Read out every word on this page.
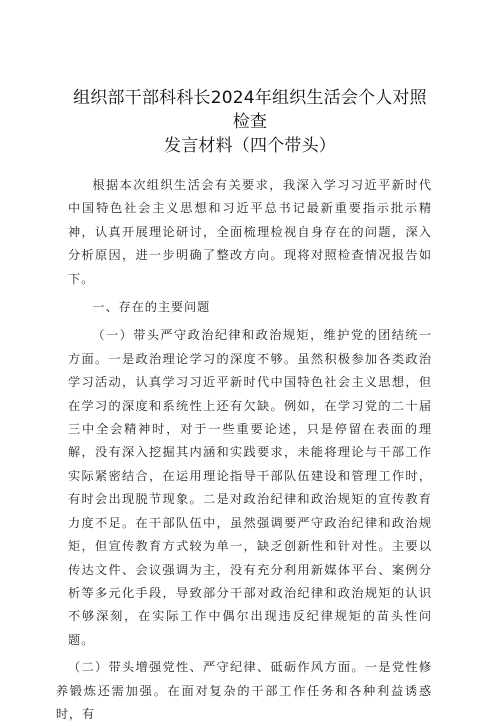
组织部干部科科长2024年组织生活会个人对照检查
发言材料（四个带头）

根据本次组织生活会有关要求，我深入学习习近平新时代中国特色社会主义思想和习近平总书记最新重要指示批示精神，认真开展理论研讨，全面梳理检视自身存在的问题，深入分析原因，进一步明确了整改方向。现将对照检查情况报告如下。

一、存在的主要问题

（一）带头严守政治纪律和政治规矩，维护党的团结统一方面。一是政治理论学习的深度不够。虽然积极参加各类政治学习活动，认真学习习近平新时代中国特色社会主义思想，但在学习的深度和系统性上还有欠缺。例如，在学习党的二十届三中全会精神时，对于一些重要论述，只是停留在表面的理解，没有深入挖掘其内涵和实践要求，未能将理论与干部工作实际紧密结合，在运用理论指导干部队伍建设和管理工作时，有时会出现脱节现象。二是对政治纪律和政治规矩的宣传教育力度不足。在干部队伍中，虽然强调要严守政治纪律和政治规矩，但宣传教育方式较为单一，缺乏创新性和针对性。主要以传达文件、会议强调为主，没有充分利用新媒体平台、案例分析等多元化手段，导致部分干部对政治纪律和政治规矩的认识不够深刻，在实际工作中偶尔出现违反纪律规矩的苗头性问题。

（二）带头增强党性、严守纪律、砥砺作风方面。一是党性修养锻炼还需加强。在面对复杂的干部工作任务和各种利益诱惑时，有
